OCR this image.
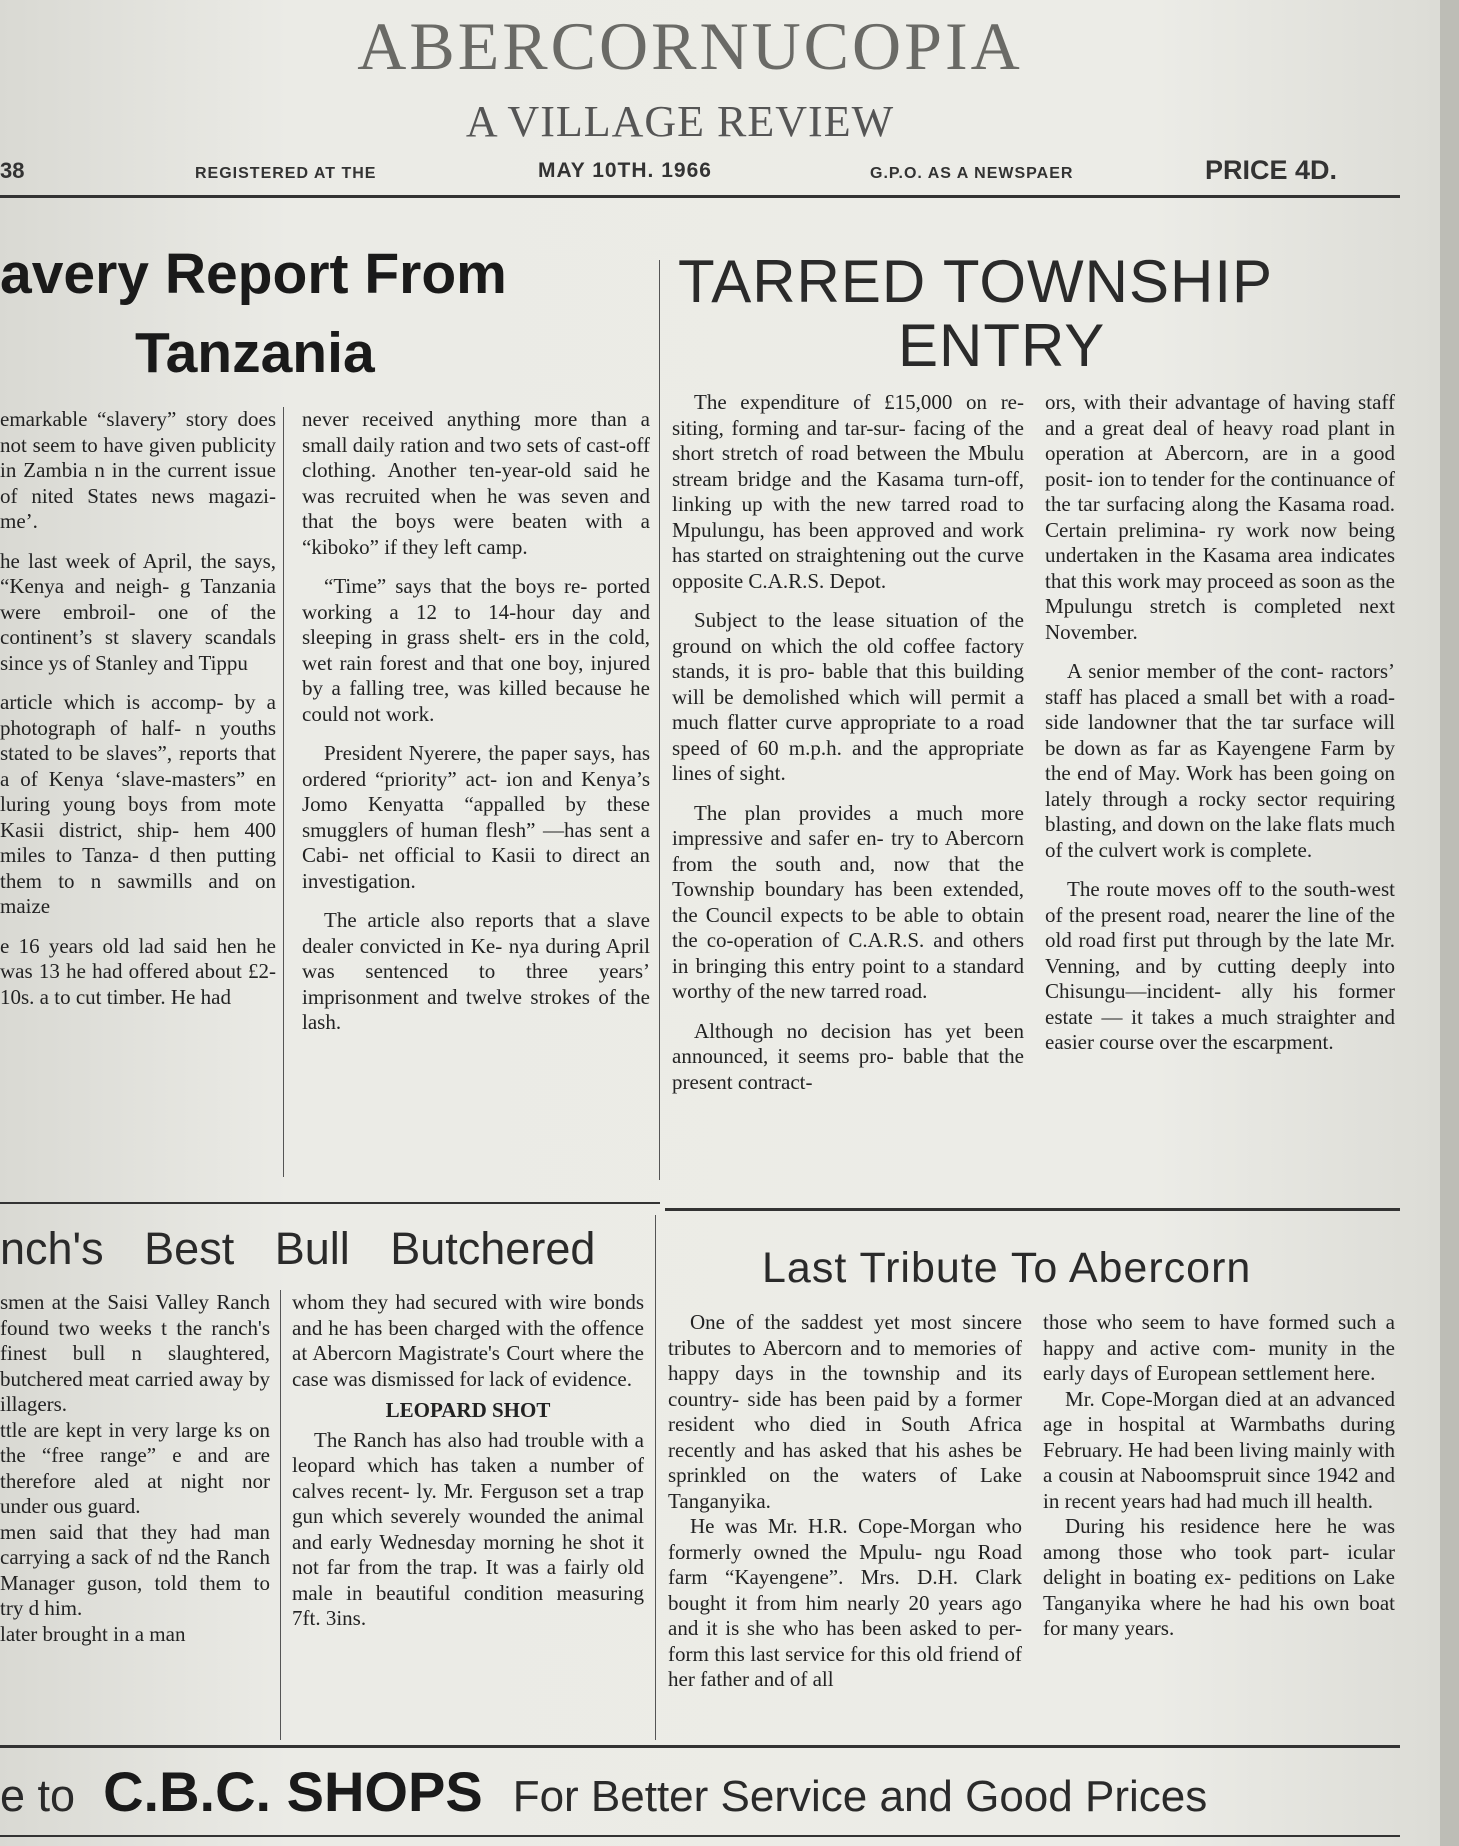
ABERCORNUCOPIA
A VILLAGE REVIEW
38	REGISTERED AT THE	MAY 10TH. 1966	G.P.O. AS A NEWSPAER	PRICE 4D.
avery Report From
Tanzania

emarkable “slavery” story does not seem to have given publicity in Zambia n in the current issue of nited States news magazi- me’.

he last week of April, the says, “Kenya and neigh- g Tanzania were embroil- one of the continent’s st slavery scandals since ys of Stanley and Tippu

article which is accomp- by a photograph of half- n youths stated to be slaves”, reports that a of Kenya ‘slave-masters” en luring young boys from mote Kasii district, ship- hem 400 miles to Tanza- d then putting them to n sawmills and on maize

e 16 years old lad said hen he was 13 he had offered about £2-10s. a to cut timber. He had

never received anything more than a small daily ration and two sets of cast-off clothing. Another ten-year-old said he was recruited when he was seven and that the boys were beaten with a “kiboko” if they left camp.

“Time” says that the boys re- ported working a 12 to 14-hour day and sleeping in grass shelt- ers in the cold, wet rain forest and that one boy, injured by a falling tree, was killed because he could not work.

President Nyerere, the paper says, has ordered “priority” act- ion and Kenya’s Jomo Kenyatta “appalled by these smugglers of human flesh” —has sent a Cabi- net official to Kasii to direct an investigation.

The article also reports that a slave dealer convicted in Ke- nya during April was sentenced to three years’ imprisonment and twelve strokes of the lash.

TARRED TOWNSHIP
ENTRY

The expenditure of £15,000 on re-siting, forming and tar-sur- facing of the short stretch of road between the Mbulu stream bridge and the Kasama turn-off, linking up with the new tarred road to Mpulungu, has been approved and work has started on straightening out the curve opposite C.A.R.S. Depot.

Subject to the lease situation of the ground on which the old coffee factory stands, it is pro- bable that this building will be demolished which will permit a much flatter curve appropriate to a road speed of 60 m.p.h. and the appropriate lines of sight.

The plan provides a much more impressive and safer en- try to Abercorn from the south and, now that the Township boundary has been extended, the Council expects to be able to obtain the co-operation of C.A.R.S. and others in bringing this entry point to a standard worthy of the new tarred road.

Although no decision has yet been announced, it seems pro- bable that the present contract-

ors, with their advantage of having staff and a great deal of heavy road plant in operation at Abercorn, are in a good posit- ion to tender for the continuance of the tar surfacing along the Kasama road. Certain prelimina- ry work now being undertaken in the Kasama area indicates that this work may proceed as soon as the Mpulungu stretch is completed next November.

A senior member of the cont- ractors’ staff has placed a small bet with a road-side landowner that the tar surface will be down as far as Kayengene Farm by the end of May. Work has been going on lately through a rocky sector requiring blasting, and down on the lake flats much of the culvert work is complete.

The route moves off to the south-west of the present road, nearer the line of the old road first put through by the late Mr. Venning, and by cutting deeply into Chisungu—incident- ally his former estate — it takes a much straighter and easier course over the escarpment.

nch's Best Bull Butchered

smen at the Saisi Valley Ranch found two weeks t the ranch's finest bull n slaughtered, butchered meat carried away by illagers.

ttle are kept in very large ks on the “free range” e and are therefore aled at night nor under ous guard.

men said that they had man carrying a sack of nd the Ranch Manager guson, told them to try d him.

later brought in a man

whom they had secured with wire bonds and he has been charged with the offence at Abercorn Magistrate's Court where the case was dismissed for lack of evidence.

LEOPARD SHOT

The Ranch has also had trouble with a leopard which has taken a number of calves recent- ly. Mr. Ferguson set a trap gun which severely wounded the animal and early Wednesday morning he shot it not far from the trap. It was a fairly old male in beautiful condition measuring 7ft. 3ins.

Last Tribute To Abercorn

One of the saddest yet most sincere tributes to Abercorn and to memories of happy days in the township and its country- side has been paid by a former resident who died in South Africa recently and has asked that his ashes be sprinkled on the waters of Lake Tanganyika.

He was Mr. H.R. Cope-Morgan who formerly owned the Mpulu- ngu Road farm “Kayengene”. Mrs. D.H. Clark bought it from him nearly 20 years ago and it is she who has been asked to per- form this last service for this old friend of her father and of all

those who seem to have formed such a happy and active com- munity in the early days of European settlement here.

Mr. Cope-Morgan died at an advanced age in hospital at Warmbaths during February. He had been living mainly with a cousin at Naboomspruit since 1942 and in recent years had had much ill health.

During his residence here he was among those who took part- icular delight in boating ex- peditions on Lake Tanganyika where he had his own boat for many years.

e to C.B.C. SHOPS For Better Service and Good Prices
